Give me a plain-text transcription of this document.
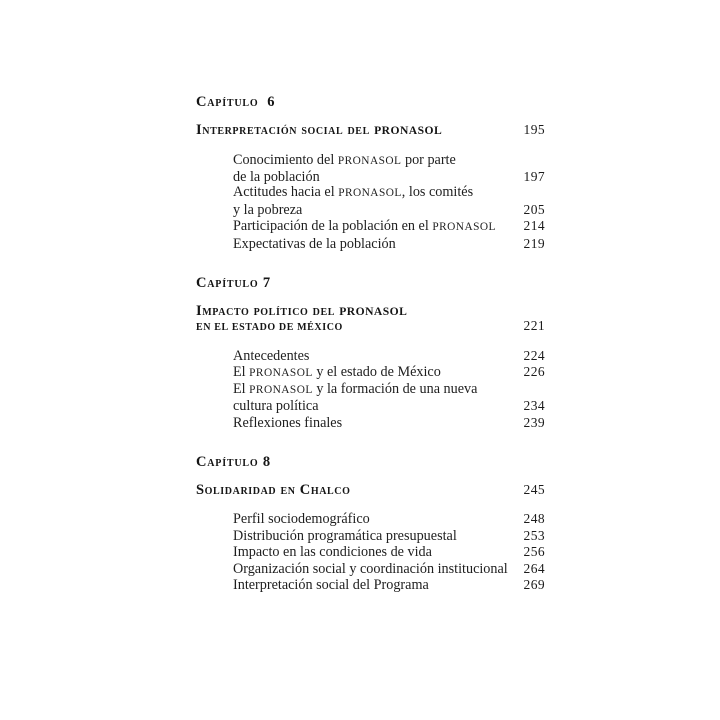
Capítulo  6
Interpretación social del PRONASOL	195
Conocimiento del PRONASOL por parte
de la población	197
Actitudes hacia el PRONASOL, los comités
y la pobreza	205
Participación de la población en el PRONASOL 214
Expectativas de la población	219
Capítulo 7
Impacto político del PRONASOL
en el estado de México	221
Antecedentes	224
El PRONASOL y el estado de México	226
El PRONASOL y la formación de una nueva
cultura política	234
Reflexiones finales	239
Capítulo 8
Solidaridad en Chalco	245
Perfil sociodemográfico	248
Distribución programática presupuestal	253
Impacto en las condiciones de vida	256
Organización social y coordinación institucional 264
Interpretación social del Programa	269
